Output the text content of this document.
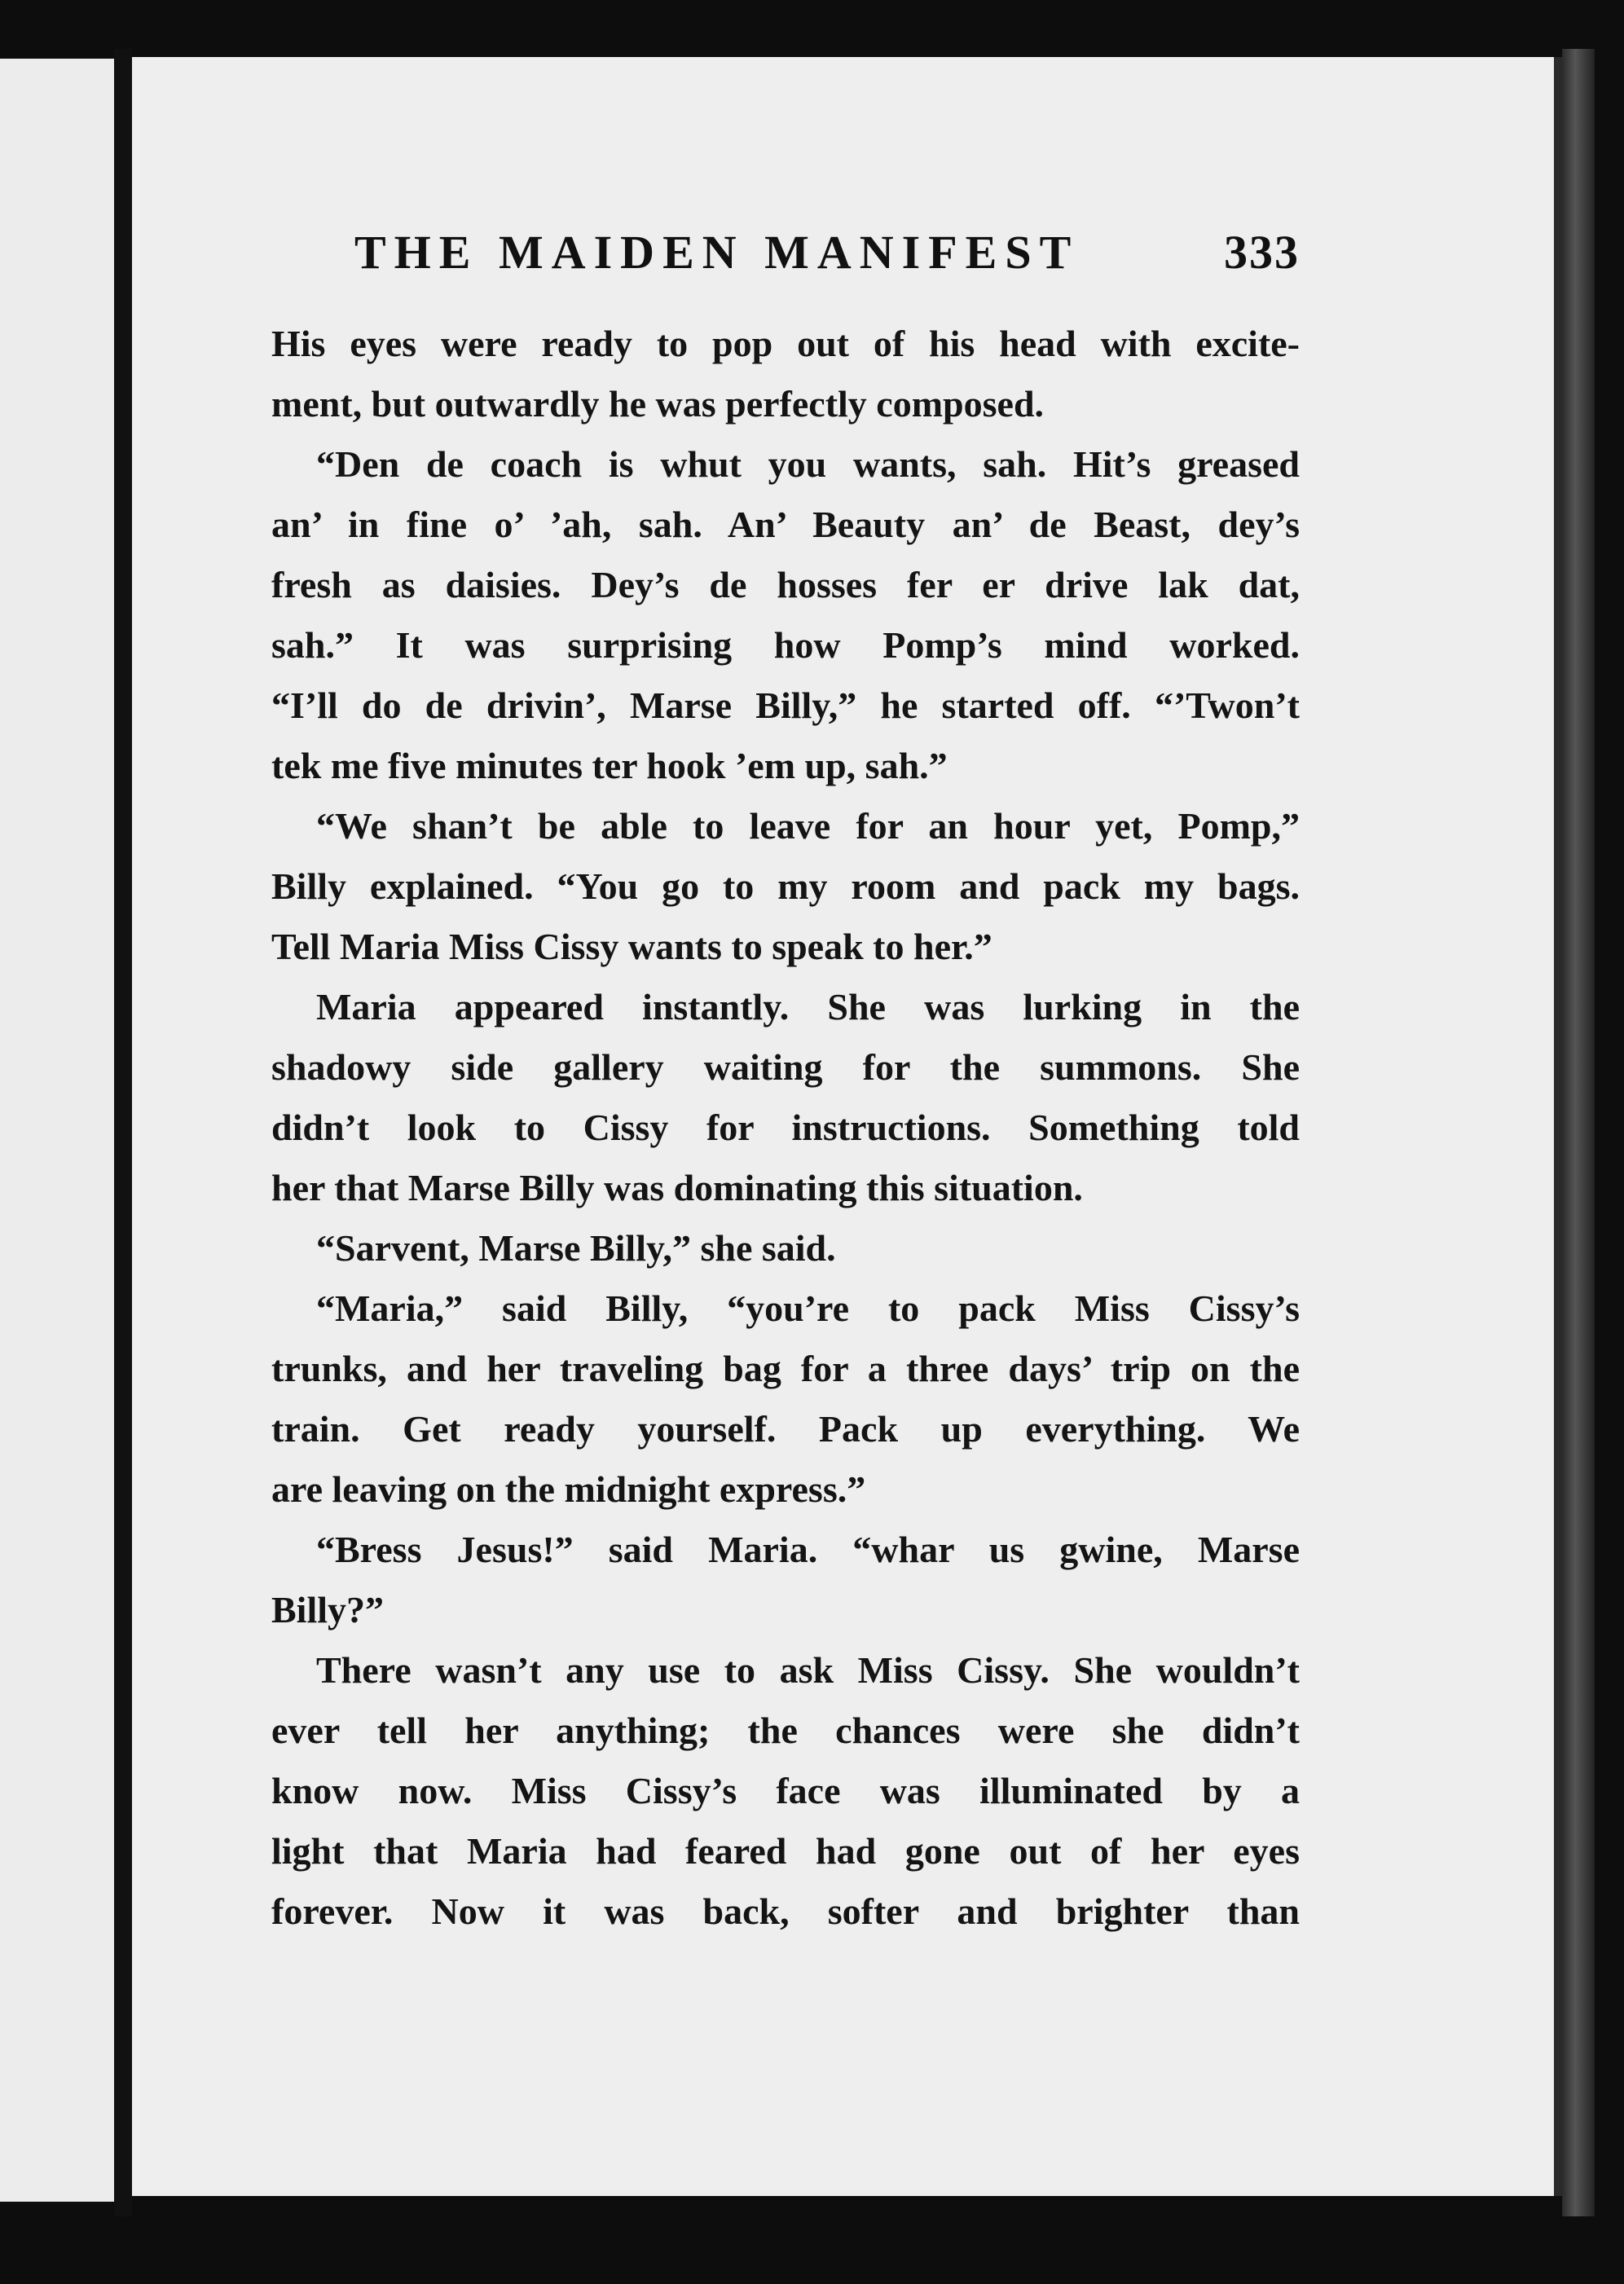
THE MAIDEN MANIFEST	333
His eyes were ready to pop out of his head with excite-
ment, but outwardly he was perfectly composed.
“Den de coach is whut you wants, sah. Hit’s greased
an’ in fine o’ ’ah, sah. An’ Beauty an’ de Beast, dey’s
fresh as daisies. Dey’s de hosses fer er drive lak dat,
sah.” It was surprising how Pomp’s mind worked.
“I’ll do de drivin’, Marse Billy,” he started off. “’Twon’t
tek me five minutes ter hook ’em up, sah.”
“We shan’t be able to leave for an hour yet, Pomp,”
Billy explained. “You go to my room and pack my bags.
Tell Maria Miss Cissy wants to speak to her.”
Maria appeared instantly. She was lurking in the
shadowy side gallery waiting for the summons. She
didn’t look to Cissy for instructions. Something told
her that Marse Billy was dominating this situation.
“Sarvent, Marse Billy,” she said.
“Maria,” said Billy, “you’re to pack Miss Cissy’s
trunks, and her traveling bag for a three days’ trip on the
train. Get ready yourself. Pack up everything. We
are leaving on the midnight express.”
“Bress Jesus!” said Maria. “whar us gwine, Marse
Billy?”
There wasn’t any use to ask Miss Cissy. She wouldn’t
ever tell her anything; the chances were she didn’t
know now. Miss Cissy’s face was illuminated by a
light that Maria had feared had gone out of her eyes
forever. Now it was back, softer and brighter than
